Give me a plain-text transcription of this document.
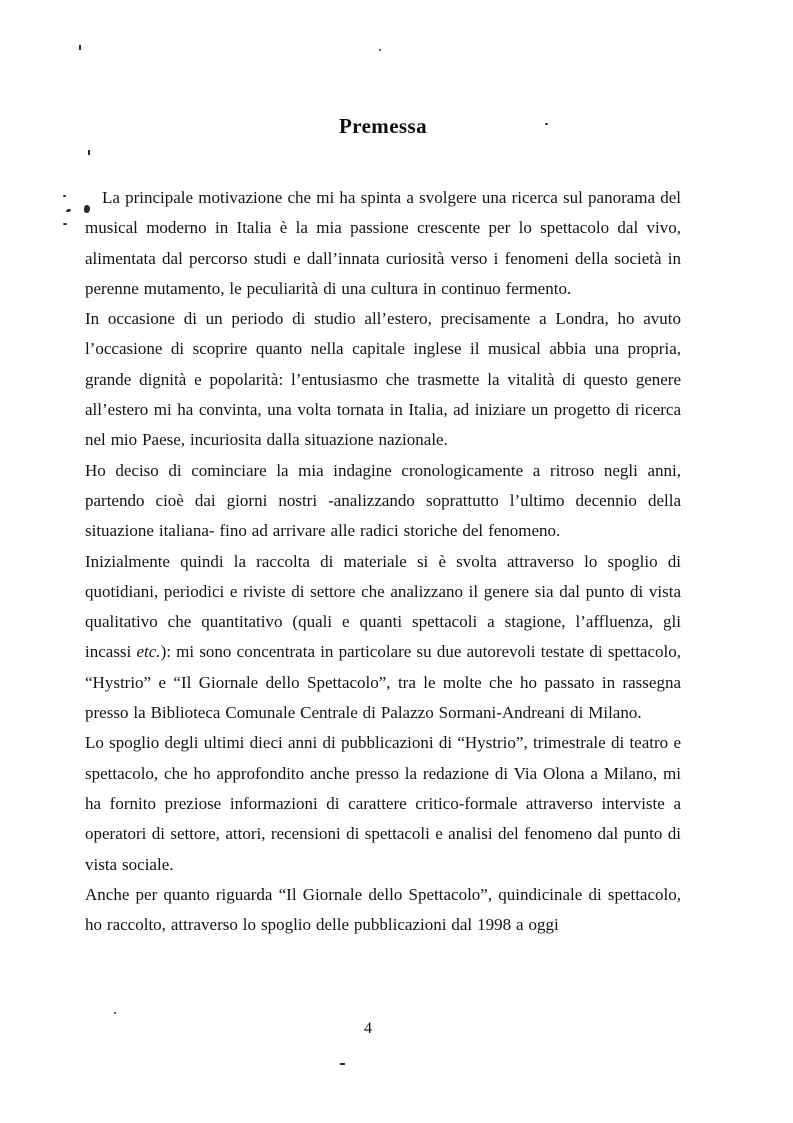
Premessa

La principale motivazione che mi ha spinta a svolgere una ricerca sul panorama del musical moderno in Italia è la mia passione crescente per lo spettacolo dal vivo, alimentata dal percorso studi e dall’innata curiosità verso i fenomeni della società in perenne mutamento, le peculiarità di una cultura in continuo fermento.

In occasione di un periodo di studio all’estero, precisamente a Londra, ho avuto l’occasione di scoprire quanto nella capitale inglese il musical abbia una propria, grande dignità e popolarità: l’entusiasmo che trasmette la vitalità di questo genere all’estero mi ha convinta, una volta tornata in Italia, ad iniziare un progetto di ricerca nel mio Paese, incuriosita dalla situazione nazionale.

Ho deciso di cominciare la mia indagine cronologicamente a ritroso negli anni, partendo cioè dai giorni nostri -analizzando soprattutto l’ultimo decennio della situazione italiana- fino ad arrivare alle radici storiche del fenomeno.

Inizialmente quindi la raccolta di materiale si è svolta attraverso lo spoglio di quotidiani, periodici e riviste di settore che analizzano il genere sia dal punto di vista qualitativo che quantitativo (quali e quanti spettacoli a stagione, l’affluenza, gli incassi etc.): mi sono concentrata in particolare su due autorevoli testate di spettacolo, “Hystrio” e “Il Giornale dello Spettacolo”, tra le molte che ho passato in rassegna presso la Biblioteca Comunale Centrale di Palazzo Sormani-Andreani di Milano.

Lo spoglio degli ultimi dieci anni di pubblicazioni di “Hystrio”, trimestrale di teatro e spettacolo, che ho approfondito anche presso la redazione di Via Olona a Milano, mi ha fornito preziose informazioni di carattere critico-formale attraverso interviste a operatori di settore, attori, recensioni di spettacoli e analisi del fenomeno dal punto di vista sociale.

Anche per quanto riguarda “Il Giornale dello Spettacolo”, quindicinale di spettacolo, ho raccolto, attraverso lo spoglio delle pubblicazioni dal 1998 a oggi

4
